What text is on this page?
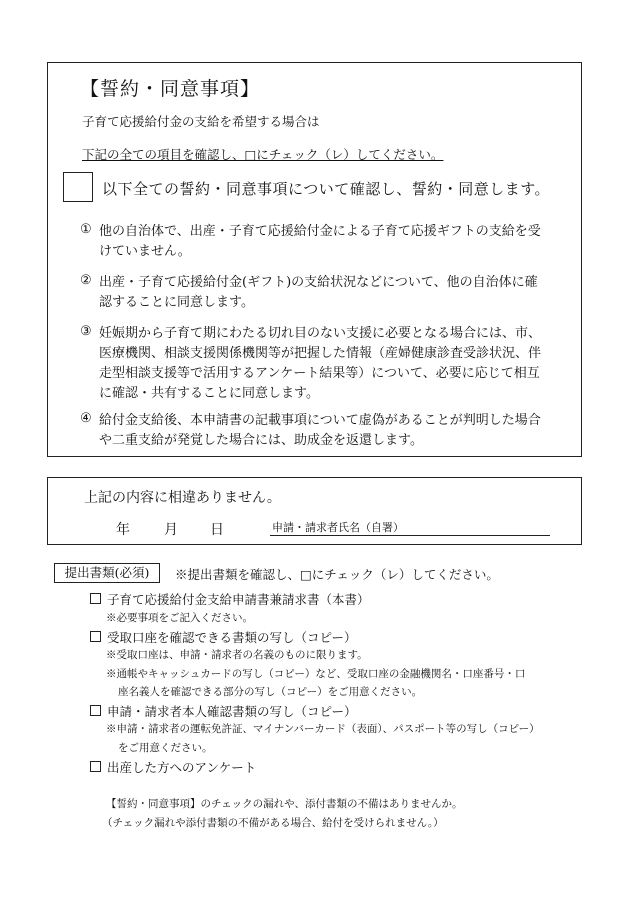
【誓約・同意事項】
子育て応援給付金の支給を希望する場合は
下記の全ての項目を確認し、□にチェック（レ）してください。
以下全ての誓約・同意事項について確認し、誓約・同意します。
① 他の自治体で、出産・子育て応援給付金による子育て応援ギフトの支給を受
けていません。
② 出産・子育て応援給付金(ギフト)の支給状況などについて、他の自治体に確
認することに同意します。
③ 妊娠期から子育て期にわたる切れ目のない支援に必要となる場合には、市、
医療機関、相談支援関係機関等が把握した情報（産婦健康診査受診状況、伴
走型相談支援等で活用するアンケート結果等）について、必要に応じて相互
に確認・共有することに同意します。
④ 給付金支給後、本申請書の記載事項について虚偽があることが判明した場合
や二重支給が発覚した場合には、助成金を返還します。
上記の内容に相違ありません。
年 月 日	申請・請求者氏名（自署）
提出書類(必須)	※提出書類を確認し、□にチェック（レ）してください。
子育て応援給付金支給申請書兼請求書（本書）
※必要事項をご記入ください。
受取口座を確認できる書類の写し（コピー）
※受取口座は、申請・請求者の名義のものに限ります。
※通帳やキャッシュカードの写し（コピー）など、受取口座の金融機関名・口座番号・口
座名義人を確認できる部分の写し（コピー）をご用意ください。
申請・請求者本人確認書類の写し（コピー）
※申請・請求者の運転免許証、マイナンバーカード（表面）、パスポート等の写し（コピー）
をご用意ください。
出産した方へのアンケート
【誓約・同意事項】のチェックの漏れや、添付書類の不備はありませんか。
（チェック漏れや添付書類の不備がある場合、給付を受けられません。）
